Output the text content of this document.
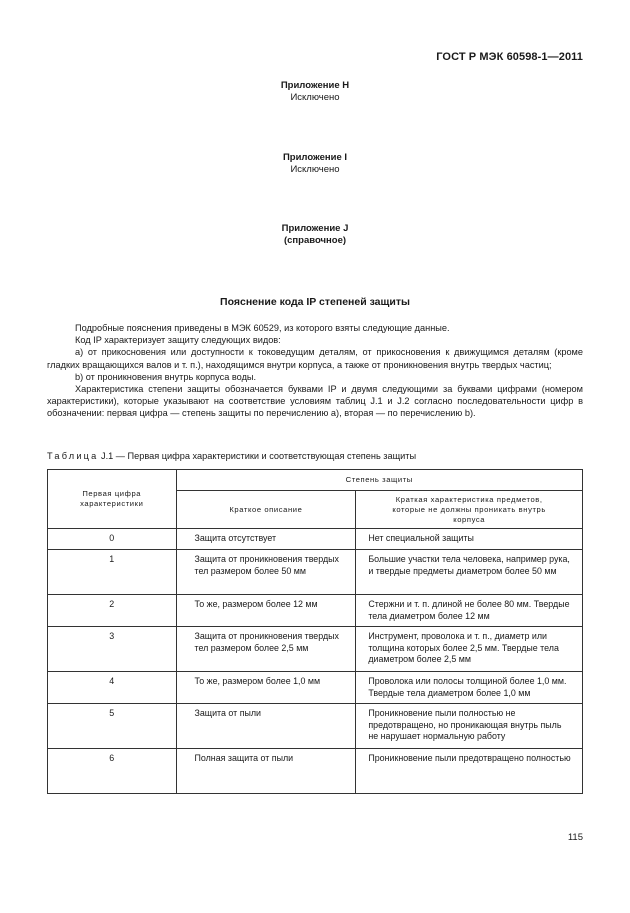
ГОСТ Р МЭК 60598-1—2011
Приложение H
Исключено
Приложение I
Исключено
Приложение J
(справочное)
Пояснение кода IP степеней защиты

Подробные пояснения приведены в МЭК 60529, из которого взяты следующие данные.

Код IP характеризует защиту следующих видов:

а) от прикосновения или доступности к токоведущим деталям, от прикосновения к движущимся деталям (кроме гладких вращающихся валов и т. п.), находящимся внутри корпуса, а также от проникновения внутрь твердых частиц;

b) от проникновения внутрь корпуса воды.

Характеристика степени защиты обозначается буквами IP и двумя следующими за буквами цифрами (номером характеристики), которые указывают на соответствие условиям таблиц J.1 и J.2 согласно последовательности цифр в обозначении: первая цифра — степень защиты по перечислению а), вторая — по перечислению b).

Таблица J.1 — Первая цифра характеристики и соответствующая степень защиты
Первая цифра характеристики	Степень защиты	
	Краткое описание	Краткая характеристика предметов, которые не должны проникать внутрь корпуса
0	Защита отсутствует	Нет специальной защиты
1	Защита от проникновения твердых тел размером более 50 мм	Большие участки тела человека, например рука, и твердые предметы диаметром более 50 мм
2	То же, размером более 12 мм	Стержни и т. п. длиной не более 80 мм. Твердые тела диаметром более 12 мм
3	Защита от проникновения твердых тел размером более 2,5 мм	Инструмент, проволока и т. п., диаметр или толщина которых более 2,5 мм. Твердые тела диаметром более 2,5 мм
4	То же, размером более 1,0 мм	Проволока или полосы толщиной более 1,0 мм. Твердые тела диаметром более 1,0 мм
5	Защита от пыли	Проникновение пыли полностью не предотвращено, но проникающая внутрь пыль не нарушает нормальную работу
6	Полная защита от пыли	Проникновение пыли предотвращено полностью
115
